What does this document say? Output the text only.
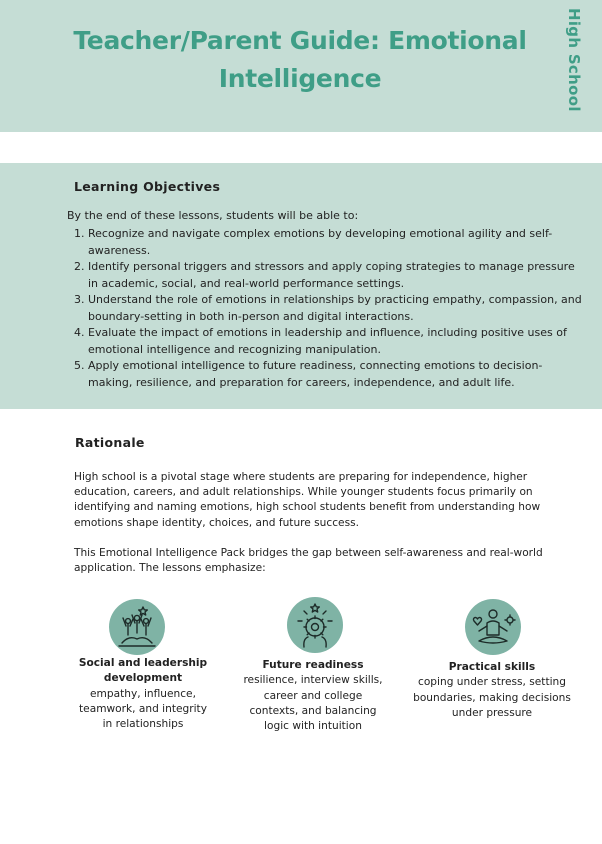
Teacher/Parent Guide: Emotional Intelligence	High School
Learning Objectives
By the end of these lessons, students will be able to:
1. Recognize and navigate complex emotions by developing emotional agility and self-awareness.
2. Identify personal triggers and stressors and apply coping strategies to manage pressure in academic, social, and real-world performance settings.
3. Understand the role of emotions in relationships by practicing empathy, compassion, and boundary-setting in both in-person and digital interactions.
4. Evaluate the impact of emotions in leadership and influence, including positive uses of emotional intelligence and recognizing manipulation.
5. Apply emotional intelligence to future readiness, connecting emotions to decision-making, resilience, and preparation for careers, independence, and adult life.
Rationale

High school is a pivotal stage where students are preparing for independence, higher education, careers, and adult relationships. While younger students focus primarily on identifying and naming emotions, high school students benefit from understanding how emotions shape identity, choices, and future success.

This Emotional Intelligence Pack bridges the gap between self-awareness and real-world application. The lessons emphasize:

Social and leadership development
empathy, influence, teamwork, and integrity in relationships
Future readiness
resilience, interview skills, career and college contexts, and balancing logic with intuition
Practical skills
coping under stress, setting boundaries, making decisions under pressure
